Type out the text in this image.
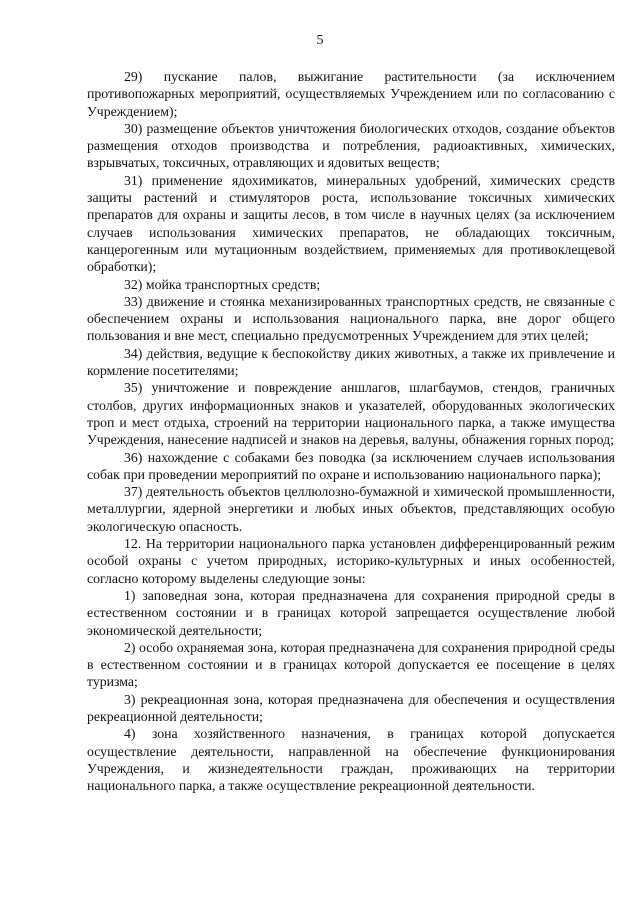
5

29) пускание палов, выжигание растительности (за исключением противопожарных мероприятий, осуществляемых Учреждением или по согласованию с Учреждением);

30) размещение объектов уничтожения биологических отходов, создание объектов размещения отходов производства и потребления, радиоактивных, химических, взрывчатых, токсичных, отравляющих и ядовитых веществ;

31) применение ядохимикатов, минеральных удобрений, химических средств защиты растений и стимуляторов роста, использование токсичных химических препаратов для охраны и защиты лесов, в том числе в научных целях (за исключением случаев использования химических препаратов, не обладающих токсичным, канцерогенным или мутационным воздействием, применяемых для противоклещевой обработки);

32) мойка транспортных средств;

33) движение и стоянка механизированных транспортных средств, не связанные с обеспечением охраны и использования национального парка, вне дорог общего пользования и вне мест, специально предусмотренных Учреждением для этих целей;

34) действия, ведущие к беспокойству диких животных, а также их привлечение и кормление посетителями;

35) уничтожение и повреждение аншлагов, шлагбаумов, стендов, граничных столбов, других информационных знаков и указателей, оборудованных экологических троп и мест отдыха, строений на территории национального парка, а также имущества Учреждения, нанесение надписей и знаков на деревья, валуны, обнажения горных пород;

36) нахождение с собаками без поводка (за исключением случаев использования собак при проведении мероприятий по охране и использованию национального парка);

37) деятельность объектов целлюлозно-бумажной и химической промышленности, металлургии, ядерной энергетики и любых иных объектов, представляющих особую экологическую опасность.

12. На территории национального парка установлен дифференцированный режим особой охраны с учетом природных, историко-культурных и иных особенностей, согласно которому выделены следующие зоны:

1) заповедная зона, которая предназначена для сохранения природной среды в естественном состоянии и в границах которой запрещается осуществление любой экономической деятельности;

2) особо охраняемая зона, которая предназначена для сохранения природной среды в естественном состоянии и в границах которой допускается ее посещение в целях туризма;

3) рекреационная зона, которая предназначена для обеспечения и осуществления рекреационной деятельности;

4) зона хозяйственного назначения, в границах которой допускается осуществление деятельности, направленной на обеспечение функционирования Учреждения, и жизнедеятельности граждан, проживающих на территории национального парка, а также осуществление рекреационной деятельности.
